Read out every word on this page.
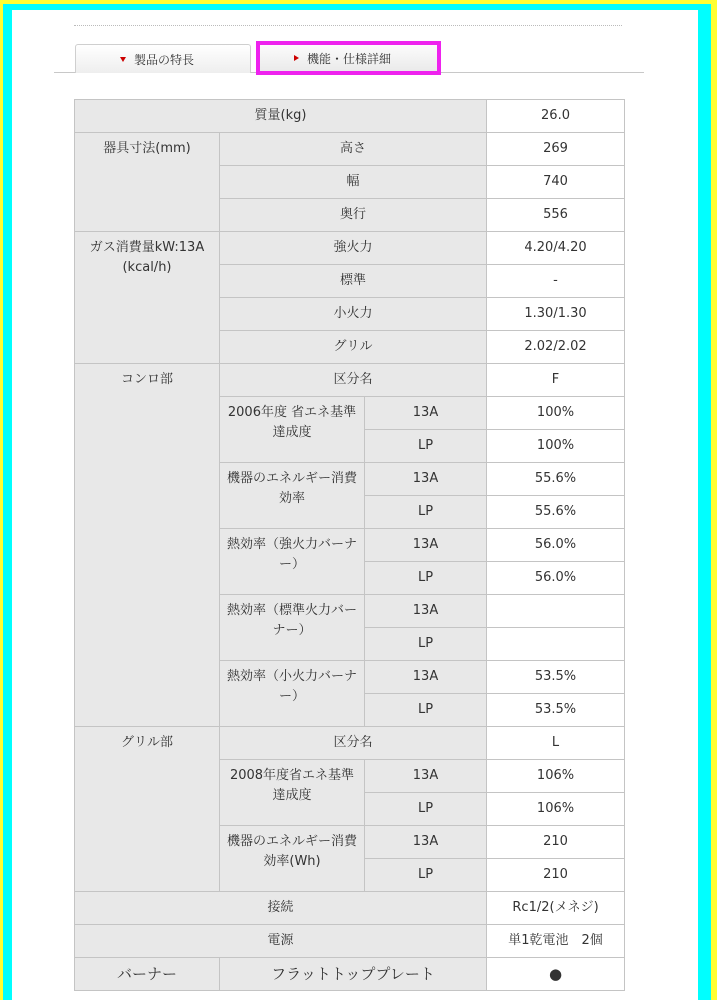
製品の特長	機能・仕様詳細
質量(kg)			26.0
器具寸法(mm)	高さ		269
	幅		740
	奥行		556
ガス消費量kW:13A (kcal/h)	強火力		4.20/4.20
	標準		-
	小火力		1.30/1.30
	グリル		2.02/2.02
コンロ部	区分名		F
	2006年度 省エネ基準達成度	13A	100%
		LP	100%
	機器のエネルギー消費効率	13A	55.6%
		LP	55.6%
	熱効率（強火力バーナー）	13A	56.0%
		LP	56.0%
	熱効率（標準火力バーナー）	13A	
		LP	
	熱効率（小火力バーナー）	13A	53.5%
		LP	53.5%
グリル部	区分名		L
	2008年度省エネ基準達成度	13A	106%
		LP	106%
	機器のエネルギー消費効率(Wh)	13A	210
		LP	210
接続			Rc1/2(メネジ)
電源			単1乾電池　2個
バーナー	フラットトッププレート		●
